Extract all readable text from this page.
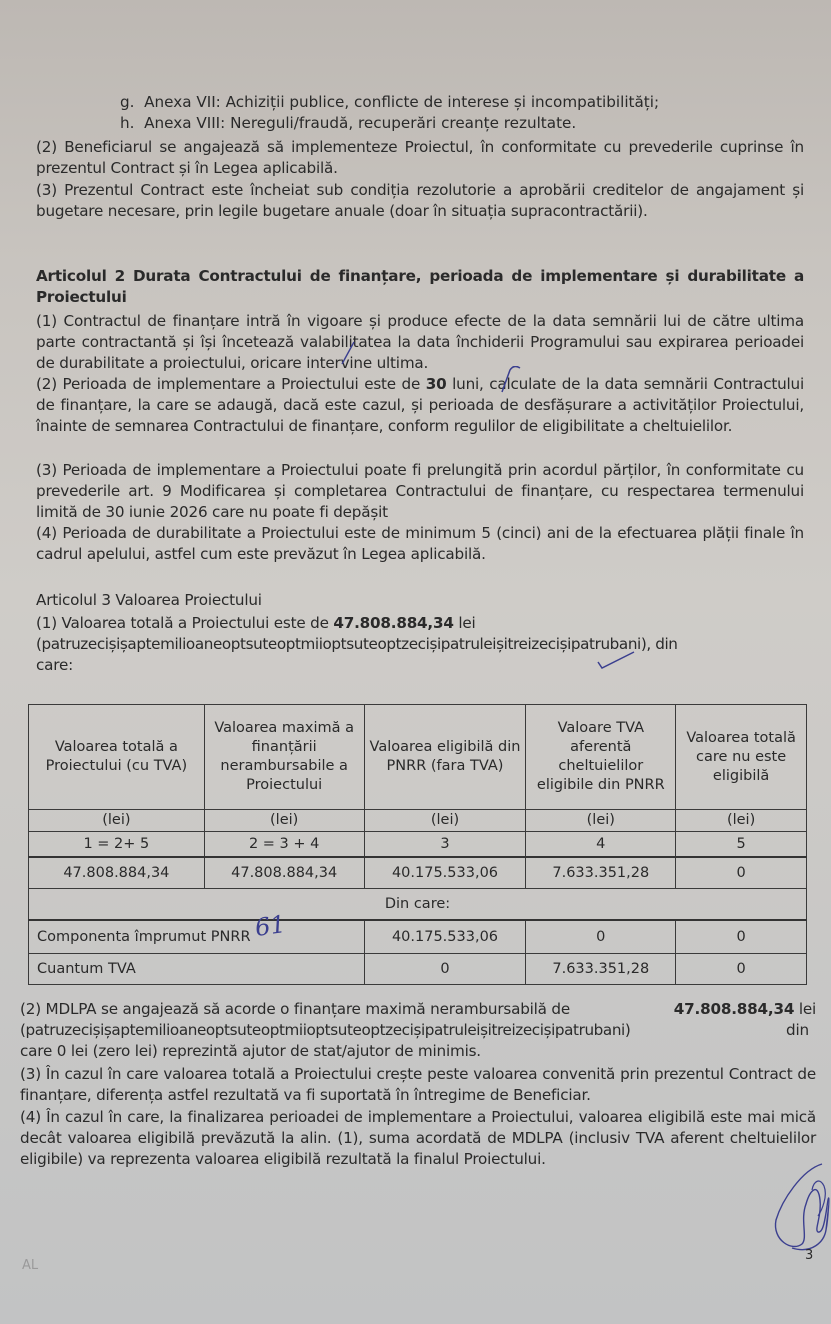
g. Anexa VII: Achiziții publice, conflicte de interese și incompatibilități;
h. Anexa VIII: Nereguli/fraudă, recuperări creanțe rezultate.
(2) Beneficiarul se angajează să implementeze Proiectul, în conformitate cu prevederile cuprinse în prezentul Contract și în Legea aplicabilă.
(3) Prezentul Contract este încheiat sub condiția rezolutorie a aprobării creditelor de angajament și bugetare necesare, prin legile bugetare anuale (doar în situația supracontractării).
Articolul 2 Durata Contractului de finanțare, perioada de implementare și durabilitate a Proiectului
(1) Contractul de finanțare intră în vigoare și produce efecte de la data semnării lui de către ultima parte contractantă și își încetează valabilitatea la data închiderii Programului sau expirarea perioadei de durabilitate a proiectului, oricare intervine ultima.
(2) Perioada de implementare a Proiectului este de 30 luni, calculate de la data semnării Contractului de finanțare, la care se adaugă, dacă este cazul, și perioada de desfășurare a activităților Proiectului, înainte de semnarea Contractului de finanțare, conform regulilor de eligibilitate a cheltuielilor.
(3) Perioada de implementare a Proiectului poate fi prelungită prin acordul părților, în conformitate cu prevederile art. 9 Modificarea și completarea Contractului de finanțare, cu respectarea termenului limită de 30 iunie 2026 care nu poate fi depășit
(4) Perioada de durabilitate a Proiectului este de minimum 5 (cinci) ani de la efectuarea plății finale în cadrul apelului, astfel cum este prevăzut în Legea aplicabilă.
Articolul 3 Valoarea Proiectului
(1) Valoarea totală a Proiectului este de 47.808.884,34 lei
(patruzecișișaptemilioaneoptsuteoptmiioptsuteoptzecișipatruleișitreizecișipatrubani), din
care:
Valoarea totală a Proiectului (cu TVA)	Valoarea maximă a finanțării nerambursabile a Proiectului	Valoarea eligibilă din PNRR (fara TVA)	Valoare TVA aferentă cheltuielilor eligibile din PNRR	Valoarea totală care nu este eligibilă
(lei)	(lei)	(lei)	(lei)	(lei)
1 = 2+ 5	2 = 3 + 4	3	4	5
47.808.884,34	47.808.884,34	40.175.533,06	7.633.351,28	0
Din care:				
Componenta împrumut PNRR 61		40.175.533,06	0	0
Cuantum TVA		0	7.633.351,28	0
(2) MDLPA se angajează să acorde o finanțare maximă nerambursabilă de	47.808.884,34 lei
(patruzecișișaptemilioaneoptsuteoptmiioptsuteoptzecișipatruleișitreizecișipatrubani)	din
care 0 lei (zero lei) reprezintă ajutor de stat/ajutor de minimis.
(3) În cazul în care valoarea totală a Proiectului crește peste valoarea convenită prin prezentul Contract de finanțare, diferența astfel rezultată va fi suportată în întregime de Beneficiar.
(4) În cazul în care, la finalizarea perioadei de implementare a Proiectului, valoarea eligibilă este mai mică decât valoarea eligibilă prevăzută la alin. (1), suma acordată de MDLPA (inclusiv TVA aferent cheltuielilor eligibile) va reprezenta valoarea eligibilă rezultată la finalul Proiectului.
3
AL
